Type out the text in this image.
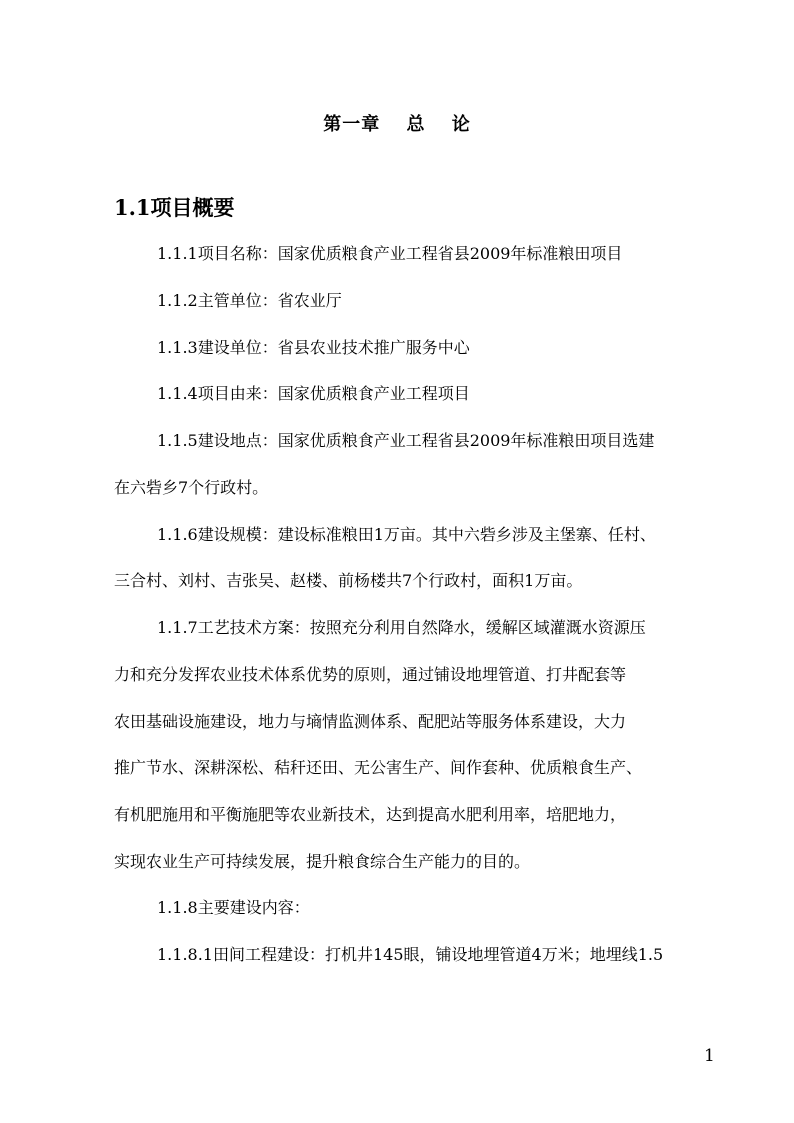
第一章　 总　 论
1.1项目概要

1.1.1项目名称：国家优质粮食产业工程省县2009年标准粮田项目

1.1.2主管单位：省农业厅

1.1.3建设单位：省县农业技术推广服务中心

1.1.4项目由来：国家优质粮食产业工程项目

1.1.5建设地点：国家优质粮食产业工程省县2009年标准粮田项目选建

在六砦乡7个行政村。

1.1.6建设规模：建设标准粮田1万亩。其中六砦乡涉及主堡寨、任村、

三合村、刘村、吉张吴、赵楼、前杨楼共7个行政村，面积1万亩。

1.1.7工艺技术方案：按照充分利用自然降水，缓解区域灌溉水资源压

力和充分发挥农业技术体系优势的原则，通过铺设地埋管道、打井配套等

农田基础设施建设，地力与墒情监测体系、配肥站等服务体系建设，大力

推广节水、深耕深松、秸秆还田、无公害生产、间作套种、优质粮食生产、

有机肥施用和平衡施肥等农业新技术，达到提高水肥利用率，培肥地力，

实现农业生产可持续发展，提升粮食综合生产能力的目的。

1.1.8主要建设内容：

1.1.8.1田间工程建设：打机井145眼，铺设地埋管道4万米；地埋线1.5

1
